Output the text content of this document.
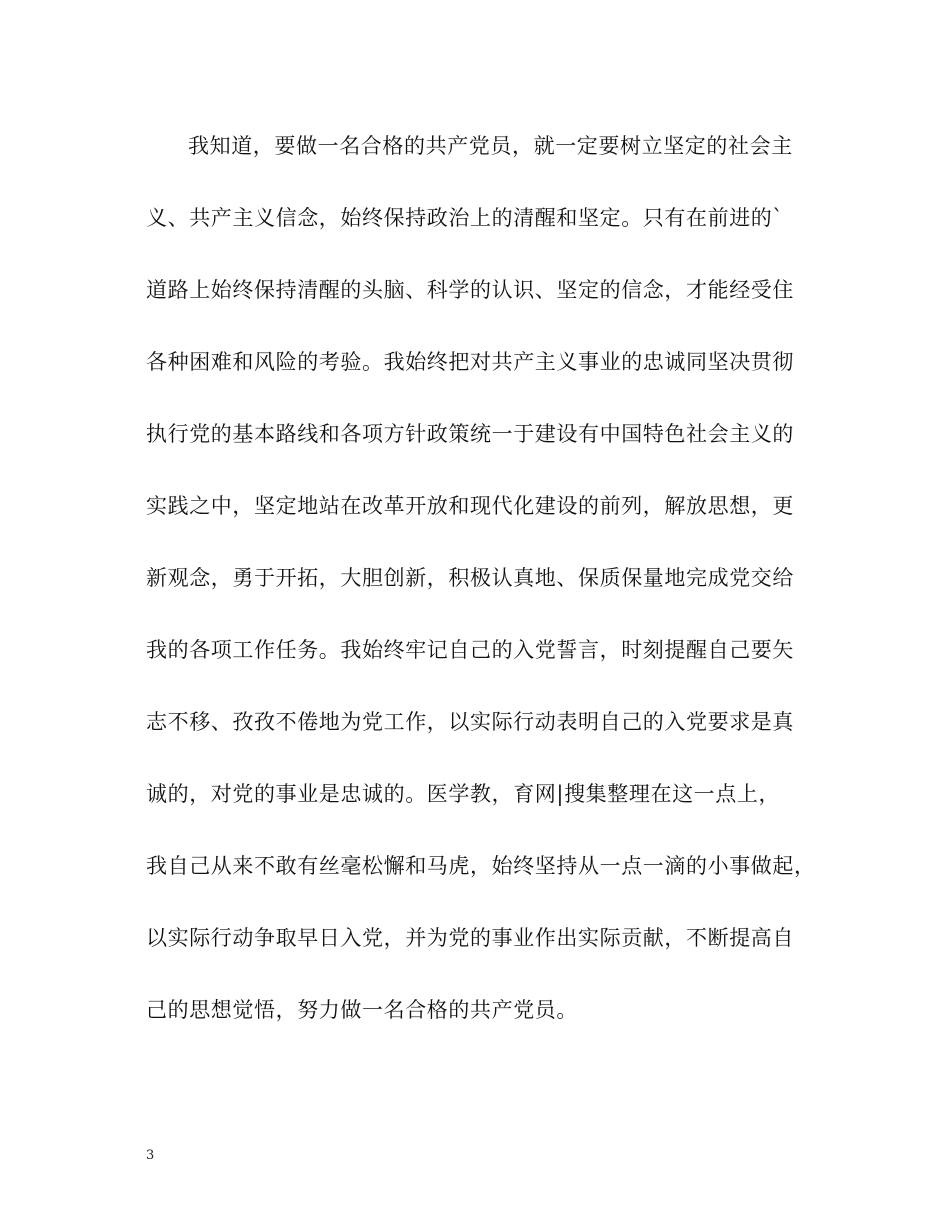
我知道，要做一名合格的共产党员，就一定要树立坚定的社会主
义、共产主义信念，始终保持政治上的清醒和坚定。只有在前进的`
道路上始终保持清醒的头脑、科学的认识、坚定的信念，才能经受住
各种困难和风险的考验。我始终把对共产主义事业的忠诚同坚决贯彻
执行党的基本路线和各项方针政策统一于建设有中国特色社会主义的
实践之中，坚定地站在改革开放和现代化建设的前列，解放思想，更
新观念，勇于开拓，大胆创新，积极认真地、保质保量地完成党交给
我的各项工作任务。我始终牢记自己的入党誓言，时刻提醒自己要矢
志不移、孜孜不倦地为党工作，以实际行动表明自己的入党要求是真
诚的，对党的事业是忠诚的。医学教，育网|搜集整理在这一点上，
我自己从来不敢有丝毫松懈和马虎，始终坚持从一点一滴的小事做起，
以实际行动争取早日入党，并为党的事业作出实际贡献，不断提高自
己的思想觉悟，努力做一名合格的共产党员。
3
